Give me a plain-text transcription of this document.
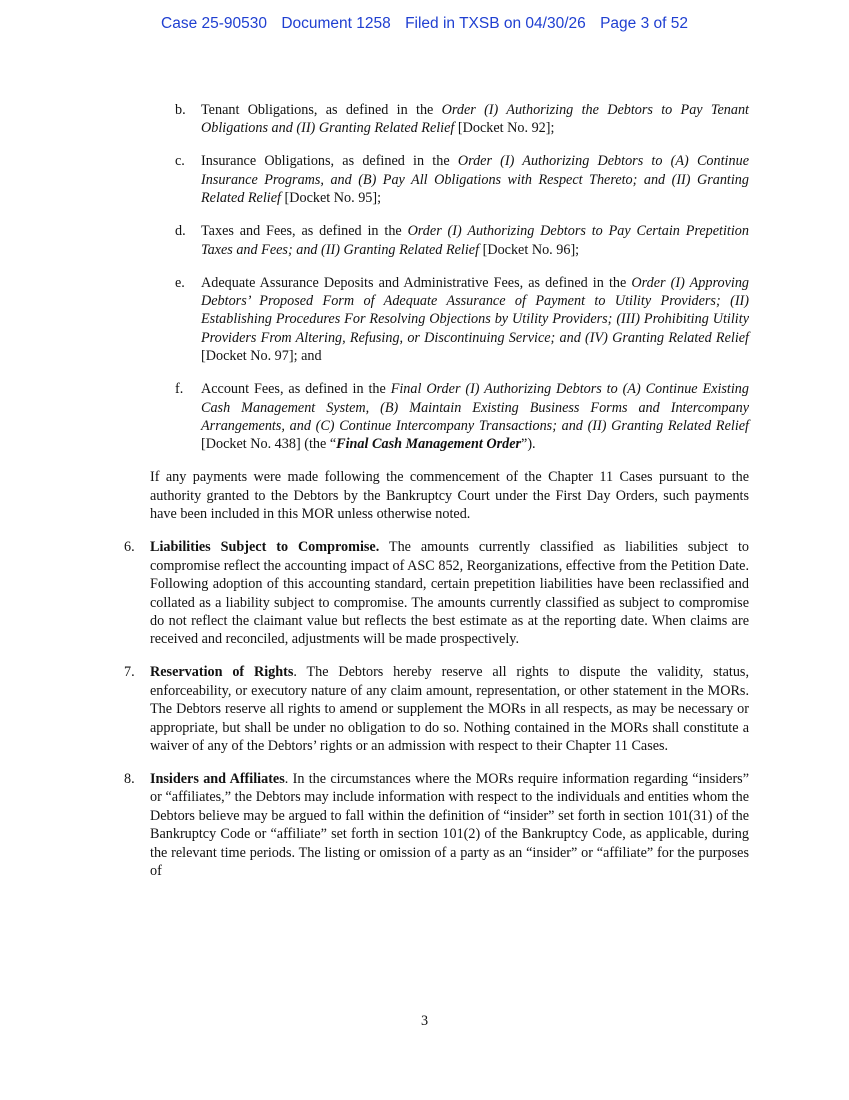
Case 25-90530 Document 1258 Filed in TXSB on 04/30/26 Page 3 of 52
b. Tenant Obligations, as defined in the Order (I) Authorizing the Debtors to Pay Tenant Obligations and (II) Granting Related Relief [Docket No. 92];
c. Insurance Obligations, as defined in the Order (I) Authorizing Debtors to (A) Continue Insurance Programs, and (B) Pay All Obligations with Respect Thereto; and (II) Granting Related Relief [Docket No. 95];
d. Taxes and Fees, as defined in the Order (I) Authorizing Debtors to Pay Certain Prepetition Taxes and Fees; and (II) Granting Related Relief [Docket No. 96];
e. Adequate Assurance Deposits and Administrative Fees, as defined in the Order (I) Approving Debtors’ Proposed Form of Adequate Assurance of Payment to Utility Providers; (II) Establishing Procedures For Resolving Objections by Utility Providers; (III) Prohibiting Utility Providers From Altering, Refusing, or Discontinuing Service; and (IV) Granting Related Relief [Docket No. 97]; and
f. Account Fees, as defined in the Final Order (I) Authorizing Debtors to (A) Continue Existing Cash Management System, (B) Maintain Existing Business Forms and Intercompany Arrangements, and (C) Continue Intercompany Transactions; and (II) Granting Related Relief [Docket No. 438] (the “Final Cash Management Order”).
If any payments were made following the commencement of the Chapter 11 Cases pursuant to the authority granted to the Debtors by the Bankruptcy Court under the First Day Orders, such payments have been included in this MOR unless otherwise noted.
6. Liabilities Subject to Compromise. The amounts currently classified as liabilities subject to compromise reflect the accounting impact of ASC 852, Reorganizations, effective from the Petition Date. Following adoption of this accounting standard, certain prepetition liabilities have been reclassified and collated as a liability subject to compromise. The amounts currently classified as subject to compromise do not reflect the claimant value but reflects the best estimate as at the reporting date. When claims are received and reconciled, adjustments will be made prospectively.
7. Reservation of Rights. The Debtors hereby reserve all rights to dispute the validity, status, enforceability, or executory nature of any claim amount, representation, or other statement in the MORs. The Debtors reserve all rights to amend or supplement the MORs in all respects, as may be necessary or appropriate, but shall be under no obligation to do so. Nothing contained in the MORs shall constitute a waiver of any of the Debtors’ rights or an admission with respect to their Chapter 11 Cases.
8. Insiders and Affiliates. In the circumstances where the MORs require information regarding “insiders” or “affiliates,” the Debtors may include information with respect to the individuals and entities whom the Debtors believe may be argued to fall within the definition of “insider” set forth in section 101(31) of the Bankruptcy Code or “affiliate” set forth in section 101(2) of the Bankruptcy Code, as applicable, during the relevant time periods. The listing or omission of a party as an “insider” or “affiliate” for the purposes of
3
